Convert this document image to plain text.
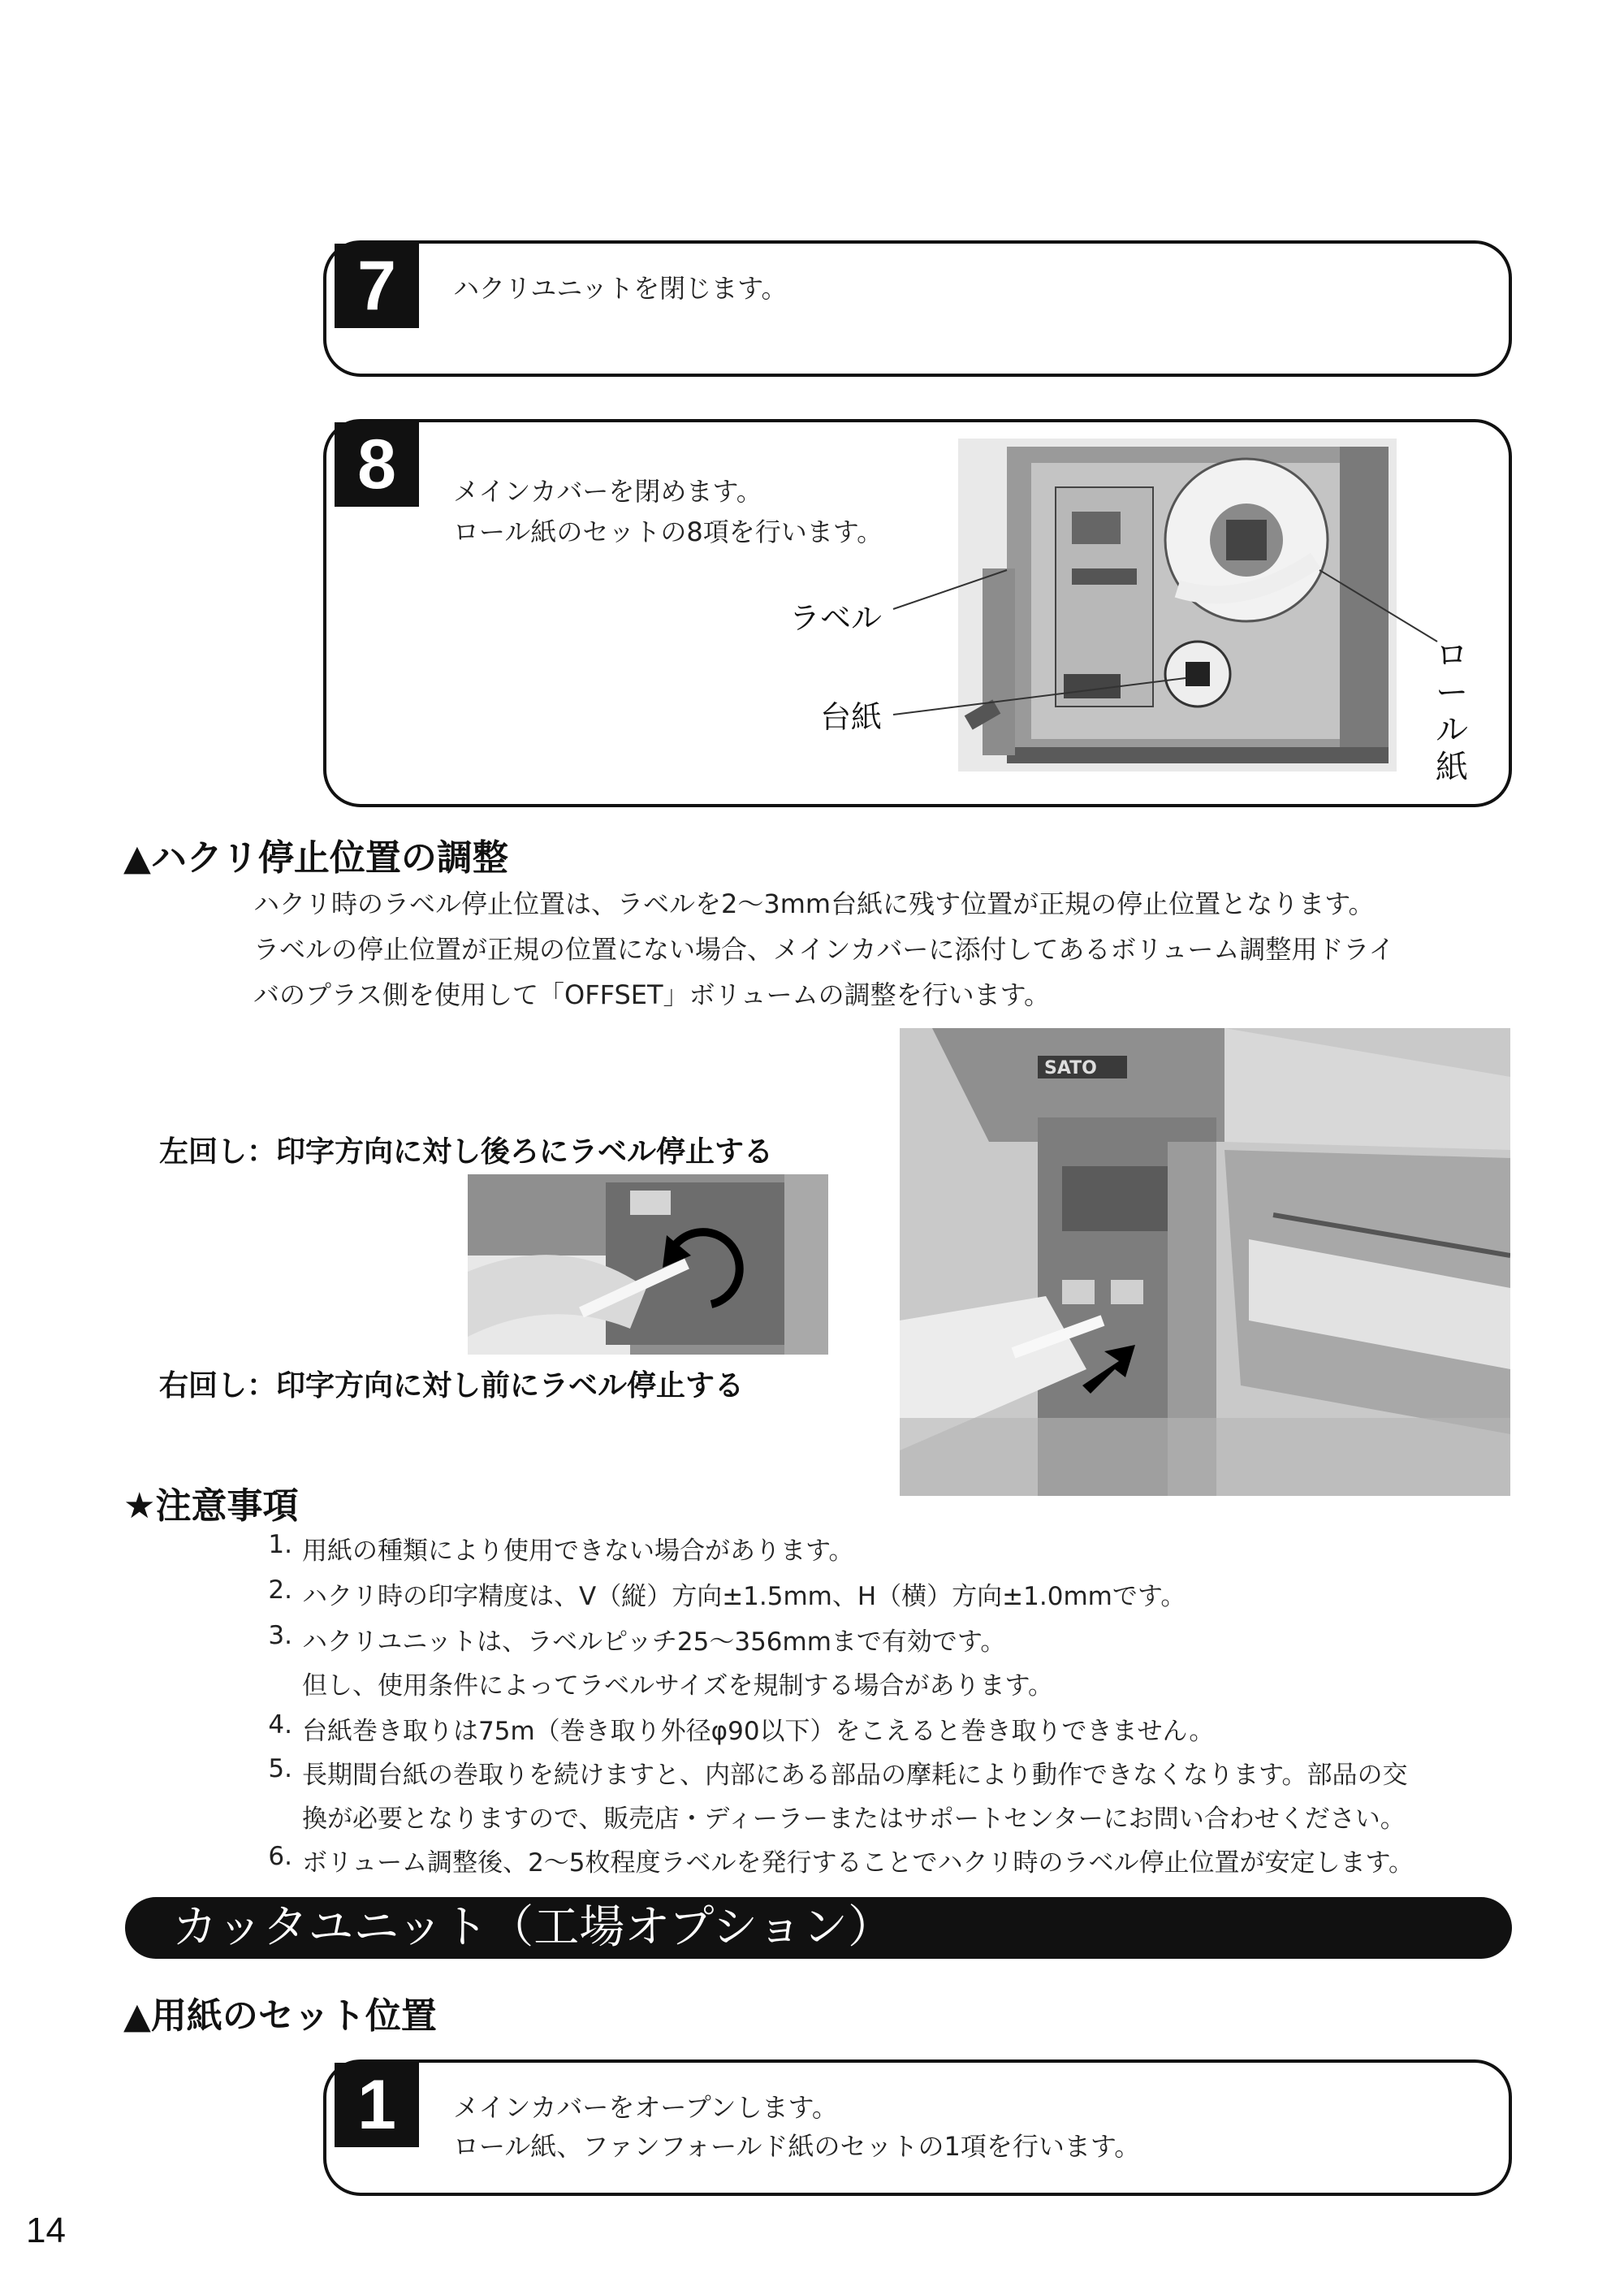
7	ハクリユニットを閉じます。
8	メインカバーを閉めます。
ロール紙のセットの8項を行います。
ラベル
台紙
ロール紙
▲ハクリ停止位置の調整
ハクリ時のラベル停止位置は、ラベルを2～3mm台紙に残す位置が正規の停止位置となります。
ラベルの停止位置が正規の位置にない場合、メインカバーに添付してあるボリューム調整用ドライ
バのプラス側を使用して「OFFSET」ボリュームの調整を行います。
左回し：印字方向に対し後ろにラベル停止する
右回し：印字方向に対し前にラベル停止する
SATO
★注意事項
1. 用紙の種類により使用できない場合があります。
2. ハクリ時の印字精度は、V（縦）方向±1.5mm、H（横）方向±1.0mmです。
3. ハクリユニットは、ラベルピッチ25～356mmまで有効です。
但し、使用条件によってラベルサイズを規制する場合があります。
4. 台紙巻き取りは75m（巻き取り外径φ90以下）をこえると巻き取りできません。
5. 長期間台紙の巻取りを続けますと、内部にある部品の摩耗により動作できなくなります。部品の交
換が必要となりますので、販売店・ディーラーまたはサポートセンターにお問い合わせください。
6. ボリューム調整後、2～5枚程度ラベルを発行することでハクリ時のラベル停止位置が安定します。
カッタユニット（工場オプション）
▲用紙のセット位置
1	メインカバーをオープンします。
ロール紙、ファンフォールド紙のセットの1項を行います。
14
